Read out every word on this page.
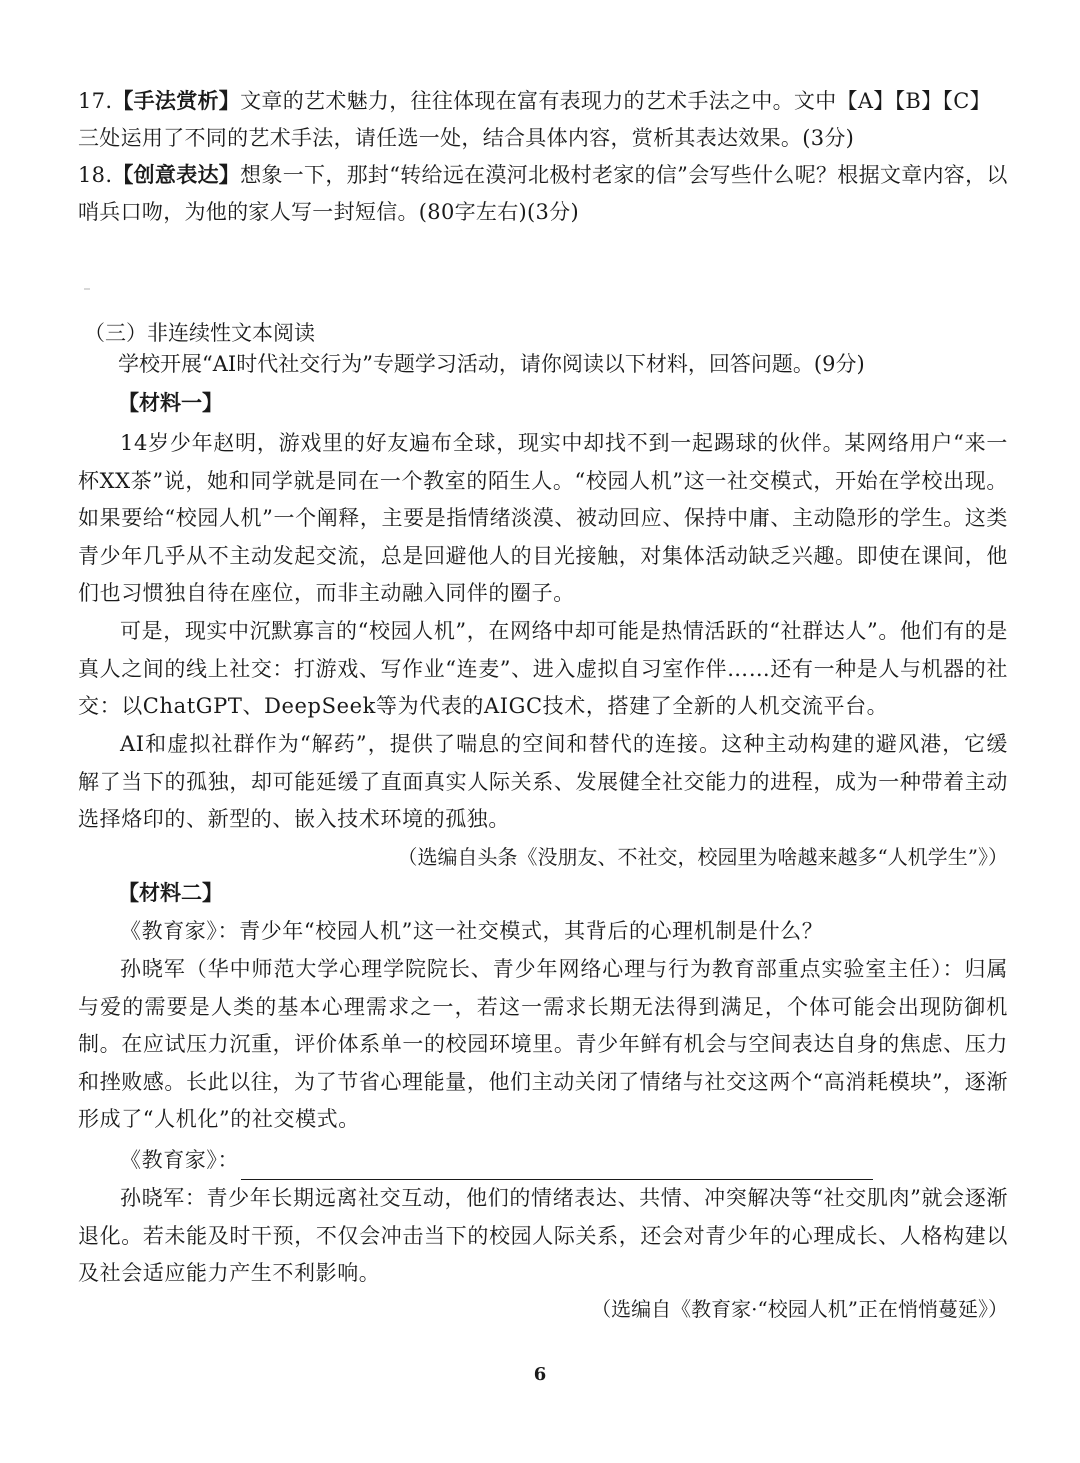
17.【手法赏析】文章的艺术魅力，往往体现在富有表现力的艺术手法之中。文中【A】【B】【C】三处运用了不同的艺术手法，请任选一处，结合具体内容，赏析其表达效果。(3分)
18.【创意表达】想象一下，那封“转给远在漠河北极村老家的信”会写些什么呢？根据文章内容，以哨兵口吻，为他的家人写一封短信。(80字左右)(3分)
（三）非连续性文本阅读
学校开展“AI时代社交行为”专题学习活动，请你阅读以下材料，回答问题。(9分)
【材料一】
14岁少年赵明，游戏里的好友遍布全球，现实中却找不到一起踢球的伙伴。某网络用户“来一杯XX茶”说，她和同学就是同在一个教室的陌生人。“校园人机”这一社交模式，开始在学校出现。如果要给“校园人机”一个阐释，主要是指情绪淡漠、被动回应、保持中庸、主动隐形的学生。这类青少年几乎从不主动发起交流，总是回避他人的目光接触，对集体活动缺乏兴趣。即使在课间，他们也习惯独自待在座位，而非主动融入同伴的圈子。
可是，现实中沉默寡言的“校园人机”，在网络中却可能是热情活跃的“社群达人”。他们有的是真人之间的线上社交：打游戏、写作业“连麦”、进入虚拟自习室作伴……还有一种是人与机器的社交：以ChatGPT、DeepSeek等为代表的AIGC技术，搭建了全新的人机交流平台。
AI和虚拟社群作为“解药”，提供了喘息的空间和替代的连接。这种主动构建的避风港，它缓解了当下的孤独，却可能延缓了直面真实人际关系、发展健全社交能力的进程，成为一种带着主动选择烙印的、新型的、嵌入技术环境的孤独。
（选编自头条《没朋友、不社交，校园里为啥越来越多“人机学生”》）
【材料二】
《教育家》：青少年“校园人机”这一社交模式，其背后的心理机制是什么？
孙晓军（华中师范大学心理学院院长、青少年网络心理与行为教育部重点实验室主任）：归属与爱的需要是人类的基本心理需求之一，若这一需求长期无法得到满足，个体可能会出现防御机制。在应试压力沉重，评价体系单一的校园环境里。青少年鲜有机会与空间表达自身的焦虑、压力和挫败感。长此以往，为了节省心理能量，他们主动关闭了情绪与社交这两个“高消耗模块”，逐渐形成了“人机化”的社交模式。
《教育家》：
孙晓军：青少年长期远离社交互动，他们的情绪表达、共情、冲突解决等“社交肌肉”就会逐渐退化。若未能及时干预，不仅会冲击当下的校园人际关系，还会对青少年的心理成长、人格构建以及社会适应能力产生不利影响。
（选编自《教育家·“校园人机”正在悄悄蔓延》）
6
